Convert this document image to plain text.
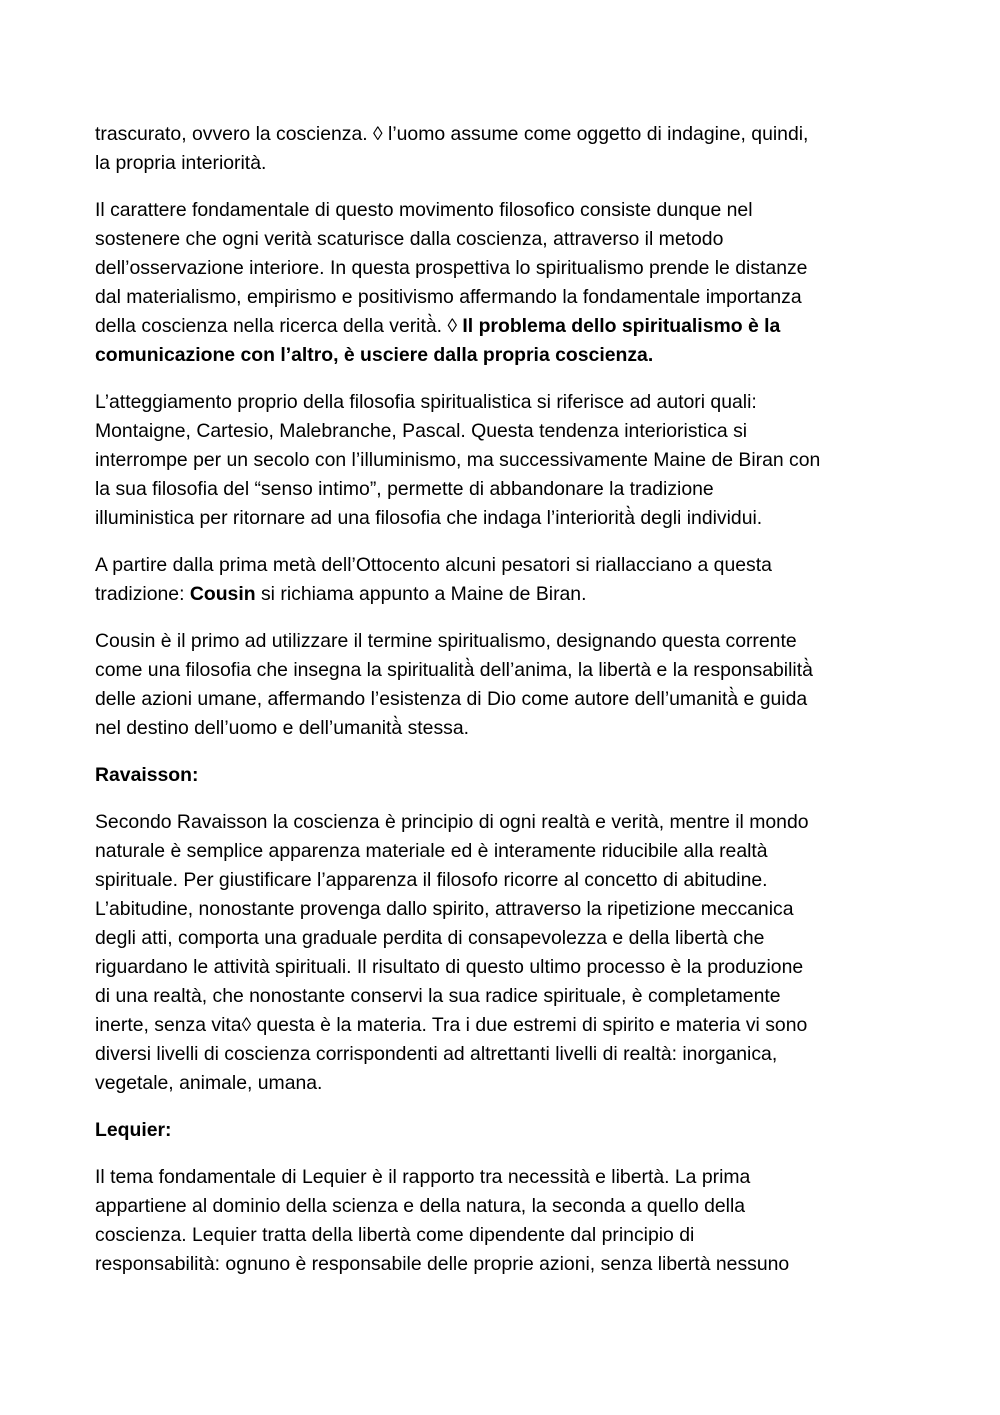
trascurato, ovvero la coscienza. ◊ l’uomo assume come oggetto di indagine, quindi,
la propria interiorità.

Il carattere fondamentale di questo movimento filosofico consiste dunque nel
sostenere che ogni verità scaturisce dalla coscienza, attraverso il metodo
dell’osservazione interiore. In questa prospettiva lo spiritualismo prende le distanze
dal materialismo, empirismo e positivismo affermando la fondamentale importanza
della coscienza nella ricerca della verità̀. ◊ Il problema dello spiritualismo è la
comunicazione con l’altro, è usciere dalla propria coscienza.

L’atteggiamento proprio della filosofia spiritualistica si riferisce ad autori quali:
Montaigne, Cartesio, Malebranche, Pascal. Questa tendenza interioristica si
interrompe per un secolo con l’illuminismo, ma successivamente Maine de Biran con
la sua filosofia del “senso intimo”, permette di abbandonare la tradizione
illuministica per ritornare ad una filosofia che indaga l’interiorità̀ degli individui.

A partire dalla prima metà dell’Ottocento alcuni pesatori si riallacciano a questa
tradizione: Cousin si richiama appunto a Maine de Biran.

Cousin è il primo ad utilizzare il termine spiritualismo, designando questa corrente
come una filosofia che insegna la spiritualità̀ dell’anima, la libertà e la responsabilità̀
delle azioni umane, affermando l’esistenza di Dio come autore dell’umanità̀ e guida
nel destino dell’uomo e dell’umanità̀ stessa.

Ravaisson:

Secondo Ravaisson la coscienza è principio di ogni realtà e verità, mentre il mondo
naturale è semplice apparenza materiale ed è interamente riducibile alla realtà
spirituale. Per giustificare l’apparenza il filosofo ricorre al concetto di abitudine.
L’abitudine, nonostante provenga dallo spirito, attraverso la ripetizione meccanica
degli atti, comporta una graduale perdita di consapevolezza e della libertà che
riguardano le attività spirituali. Il risultato di questo ultimo processo è la produzione
di una realtà, che nonostante conservi la sua radice spirituale, è completamente
inerte, senza vita◊ questa è la materia. Tra i due estremi di spirito e materia vi sono
diversi livelli di coscienza corrispondenti ad altrettanti livelli di realtà: inorganica,
vegetale, animale, umana.

Lequier:

Il tema fondamentale di Lequier è il rapporto tra necessità e libertà. La prima
appartiene al dominio della scienza e della natura, la seconda a quello della
coscienza. Lequier tratta della libertà come dipendente dal principio di
responsabilità: ognuno è responsabile delle proprie azioni, senza libertà nessuno
